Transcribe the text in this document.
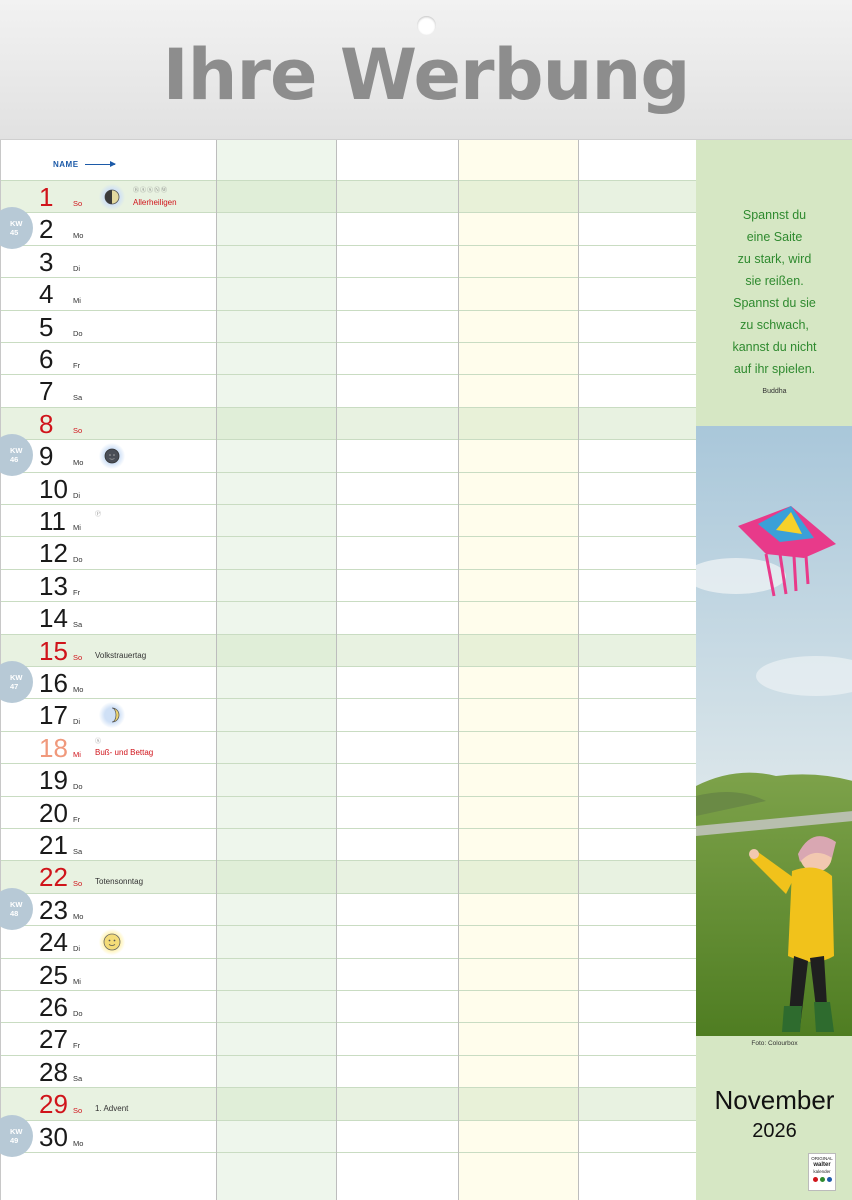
Ihre Werbung
1	So	Allerheiligen
ⒷⒶⓈⓃⓌ
2	Mo
3	Di
4	Mi
5	Do
6	Fr
7	Sa
8	So
9	Mo
10 Di
11 Mi
Ⓟ
12 Do
13 Fr
14 Sa
15 So Volkstrauertag
16 Mo
17 Di
18 Mi Buß- und Bettag
Ⓢ
19 Do
20 Fr
21 Sa
22 So Totensonntag
23 Mo
24 Di
25 Mi
26 Do
27 Fr
28 Sa
29 So 1. Advent
30 Mo
NAME
KW
45
KW
46
KW
47
KW
48
KW
49
Spannst du
eine Saite
zu stark, wird
sie reißen.
Spannst du sie
zu schwach,
kannst du nicht
auf ihr spielen.
Buddha
Foto: Colourbox
November
2026
ORIGINAL
walter
kalender
